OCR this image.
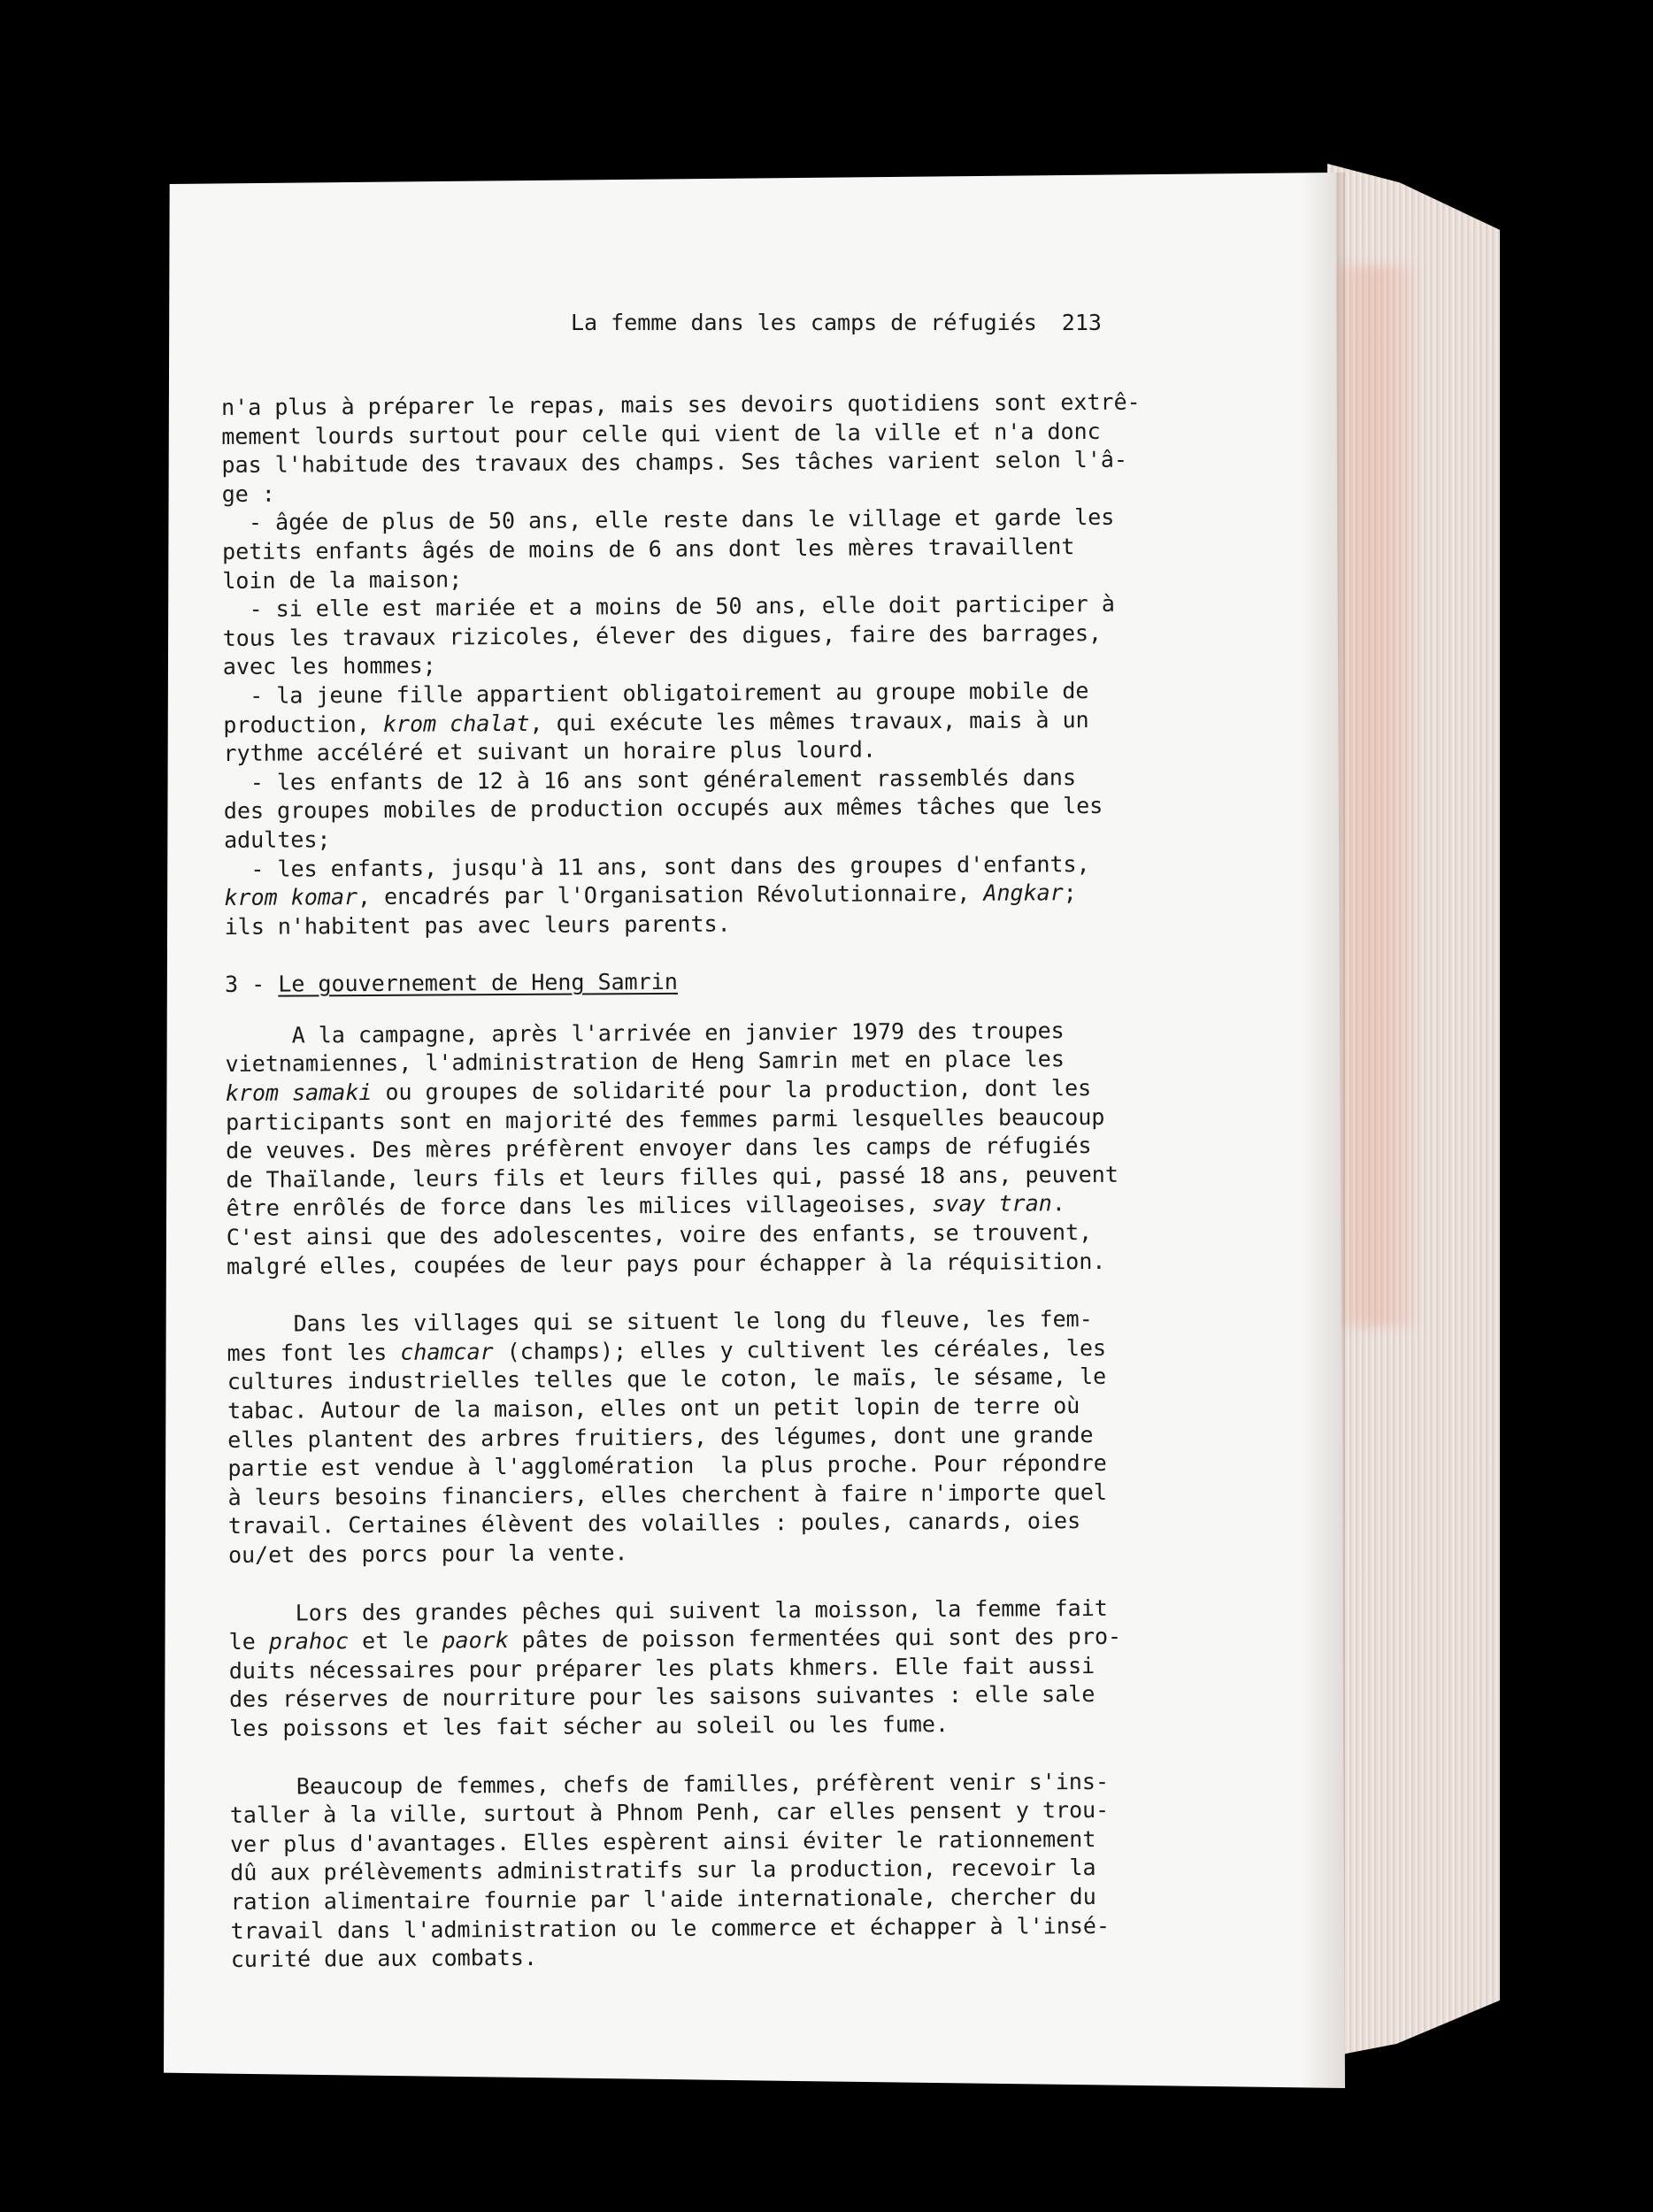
La femme dans les camps de réfugiés 213
n'a plus à préparer le repas, mais ses devoirs quotidiens sont extrê-
mement lourds surtout pour celle qui vient de la ville et n'a donc
pas l'habitude des travaux des champs. Ses tâches varient selon l'â-
ge :
- âgée de plus de 50 ans, elle reste dans le village et garde les
petits enfants âgés de moins de 6 ans dont les mères travaillent
loin de la maison;
- si elle est mariée et a moins de 50 ans, elle doit participer à
tous les travaux rizicoles, élever des digues, faire des barrages,
avec les hommes;
- la jeune fille appartient obligatoirement au groupe mobile de
production, krom chalat, qui exécute les mêmes travaux, mais à un
rythme accéléré et suivant un horaire plus lourd.
- les enfants de 12 à 16 ans sont généralement rassemblés dans
des groupes mobiles de production occupés aux mêmes tâches que les
adultes;
- les enfants, jusqu'à 11 ans, sont dans des groupes d'enfants,
krom komar, encadrés par l'Organisation Révolutionnaire, Angkar;
ils n'habitent pas avec leurs parents.
3 - Le gouvernement de Heng Samrin
A la campagne, après l'arrivée en janvier 1979 des troupes
vietnamiennes, l'administration de Heng Samrin met en place les
krom samaki ou groupes de solidarité pour la production, dont les
participants sont en majorité des femmes parmi lesquelles beaucoup
de veuves. Des mères préfèrent envoyer dans les camps de réfugiés
de Thaïlande, leurs fils et leurs filles qui, passé 18 ans, peuvent
être enrôlés de force dans les milices villageoises, svay tran.
C'est ainsi que des adolescentes, voire des enfants, se trouvent,
malgré elles, coupées de leur pays pour échapper à la réquisition.
Dans les villages qui se situent le long du fleuve, les fem-
mes font les chamcar (champs); elles y cultivent les céréales, les
cultures industrielles telles que le coton, le maïs, le sésame, le
tabac. Autour de la maison, elles ont un petit lopin de terre où
elles plantent des arbres fruitiers, des légumes, dont une grande
partie est vendue à l'agglomération  la plus proche. Pour répondre
à leurs besoins financiers, elles cherchent à faire n'importe quel
travail. Certaines élèvent des volailles : poules, canards, oies
ou/et des porcs pour la vente.
Lors des grandes pêches qui suivent la moisson, la femme fait
le prahoc et le paork pâtes de poisson fermentées qui sont des pro-
duits nécessaires pour préparer les plats khmers. Elle fait aussi
des réserves de nourriture pour les saisons suivantes : elle sale
les poissons et les fait sécher au soleil ou les fume.
Beaucoup de femmes, chefs de familles, préfèrent venir s'ins-
taller à la ville, surtout à Phnom Penh, car elles pensent y trou-
ver plus d'avantages. Elles espèrent ainsi éviter le rationnement
dû aux prélèvements administratifs sur la production, recevoir la
ration alimentaire fournie par l'aide internationale, chercher du
travail dans l'administration ou le commerce et échapper à l'insé-
curité due aux combats.
